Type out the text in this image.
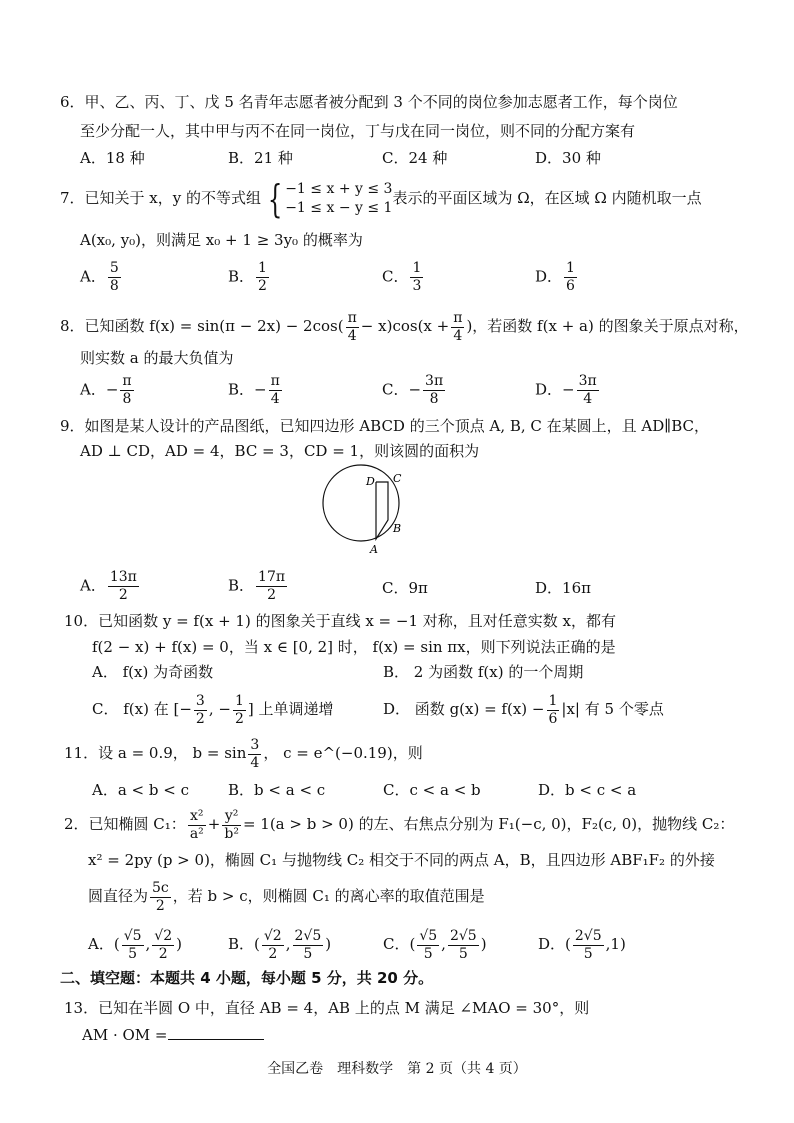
6．甲、乙、丙、丁、戊 5 名青年志愿者被分配到 3 个不同的岗位参加志愿者工作，每个岗位
至少分配一人，其中甲与丙不在同一岗位，丁与戊在同一岗位，则不同的分配方案有
A．18 种	B．21 种	C．24 种	D．30 种
7．已知关于 x，y 的不等式组 { −1 ≤ x + y ≤ 3
−1 ≤ x − y ≤ 1
表示的平面区域为 Ω，在区域 Ω 内随机取一点
A(x₀, y₀)，则满足 x₀ + 1 ≥ 3y₀ 的概率为
A． $\frac{5}{8}$	B． $\frac{1}{2}$	C． $\frac{1}{3}$	D． $\frac{1}{6}$
8．已知函数 $f(x) = \sin(\pi - 2x) - 2\cos( \frac{\pi}{4} - x)\cos(x + \frac{\pi}{4}$ )，若函数 f(x + a) 的图象关于原点对称，
则实数 a 的最大负值为
A．− $\frac{\pi}{8}$	B．− $\frac{\pi}{4}$	C．− $\frac{3\pi}{8}$	D．− $\frac{3\pi}{4}$
9．如图是某人设计的产品图纸，已知四边形 ABCD 的三个顶点 A, B, C 在某圆上，且 AD∥BC，
AD ⊥ CD，AD = 4，BC = 3，CD = 1，则该圆的面积为
D C
B
A
A． $\frac{13\pi}{2}$	B． $\frac{17\pi}{2}$	C．9π	D．16π
10．已知函数 y = f(x + 1) 的图象关于直线 x = −1 对称，且对任意实数 x，都有
f(2 − x) + f(x) = 0，当 x ∈ [0, 2] 时， f(x) = sin πx，则下列说法正确的是
A． f(x) 为奇函数	B． 2 为函数 f(x) 的一个周期
C． f(x) 在 [− $\frac{3}{2}$ , − $\frac{1}{2}$ ] 上单调递增	D． 函数 $g(x) = f(x) - \frac{1}{6} |x|$ 有 5 个零点
11．设 a = 0.9， $b = \sin \frac{3}{4}$ ， c = e^(−0.19)，则
A．a < b < c	B．b < a < c	C．c < a < b	D．b < c < a
2．已知椭圆 C₁： $\frac{\text{x²}}{\text{a²}} + \frac{\text{y²}}{\text{b²}} = 1(a > b > 0)$ 的左、右焦点分别为 F₁(−c, 0)，F₂(c, 0)，抛物线 C₂：
x² = 2py (p > 0)，椭圆 C₁ 与抛物线 C₂ 相交于不同的两点 A，B，且四边形 ABF₁F₂ 的外接
圆直径为 $\frac{5c}{2}$ ，若 b > c，则椭圆 C₁ 的离心率的取值范围是
A．( $\frac{√5}{5}$ , $\frac{√2}{2}$ )	B．( $\frac{√2}{2}$ , $\frac{2√5}{5}$ )	C．( $\frac{√5}{5}$ , $\frac{2√5}{5}$ )	D．( $\frac{2√5}{5} ,1$)
二、填空题：本题共 4 小题，每小题 5 分，共 20 分。
13．已知在半圆 O 中，直径 AB = 4，AB 上的点 M 满足 ∠MAO = 30°，则
AM · OM =
全国乙卷　理科数学　第 2 页（共 4 页）
